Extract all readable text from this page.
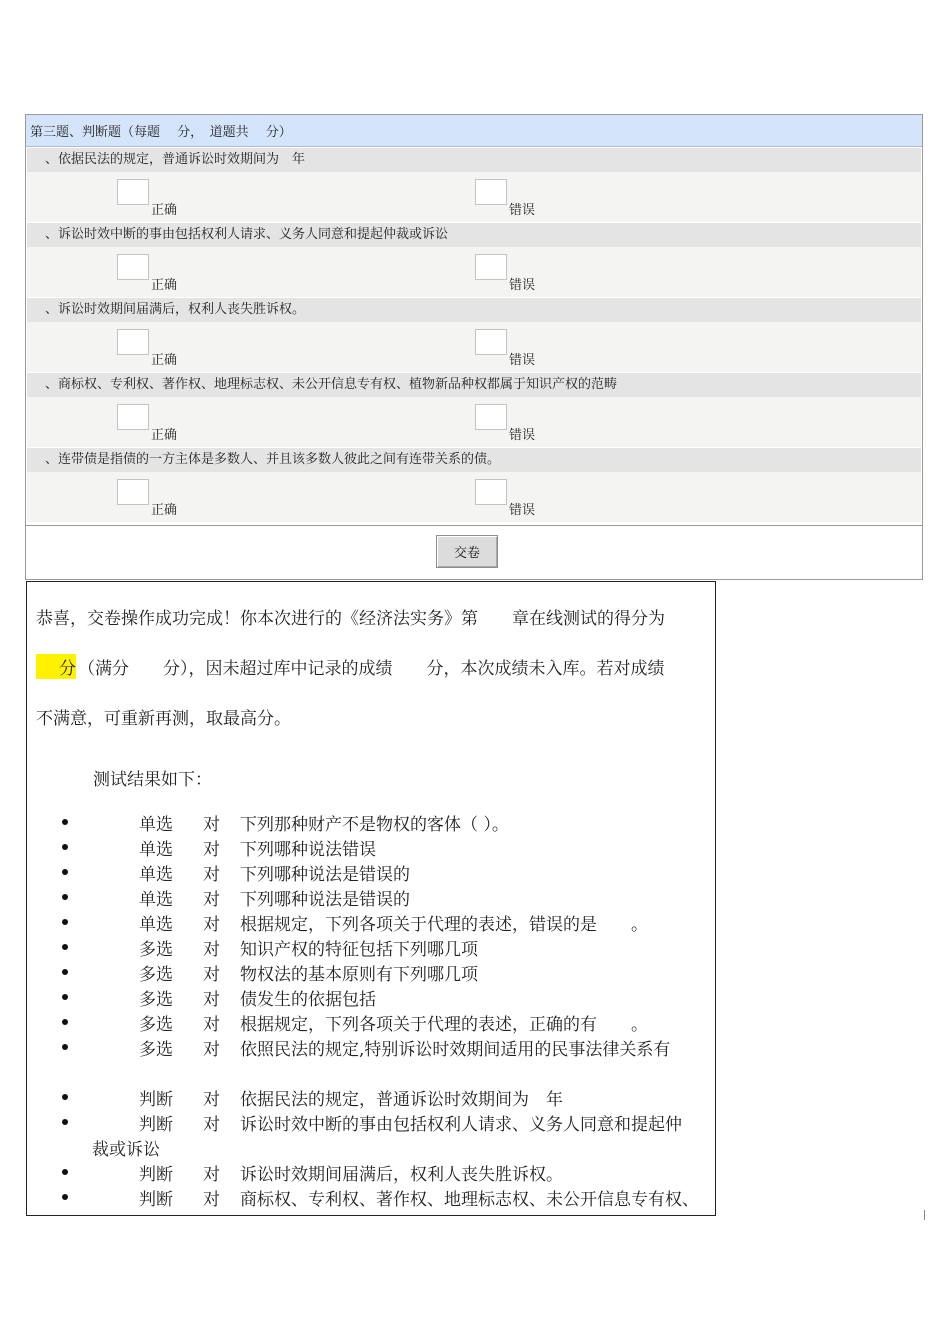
第三题、判断题（每题　 分，　道题共　 分）
、依据民法的规定，普通诉讼时效期间为　年
正确	错误
、诉讼时效中断的事由包括权利人请求、义务人同意和提起仲裁或诉讼
正确	错误
、诉讼时效期间届满后，权利人丧失胜诉权。
正确	错误
、商标权、专利权、著作权、地理标志权、未公开信息专有权、植物新品种权都属于知识产权的范畴
正确	错误
、连带债是指债的一方主体是多数人、并且该多数人彼此之间有连带关系的债。
正确	错误
交卷
恭喜，交卷操作成功完成！你本次进行的《经济法实务》第　　章在线测试的得分为
分 （满分　　分），因未超过库中记录的成绩　　分，本次成绩未入库。若对成绩
不满意，可重新再测，取最高分。
测试结果如下：
单选 对 下列那种财产不是物权的客体（ ）。
单选 对 下列哪种说法错误
单选 对 下列哪种说法是错误的
单选 对 下列哪种说法是错误的
单选 对 根据规定，下列各项关于代理的表述，错误的是　　。
多选 对 知识产权的特征包括下列哪几项
多选 对 物权法的基本原则有下列哪几项
多选 对 债发生的依据包括
多选 对 根据规定，下列各项关于代理的表述，正确的有　　。
多选 对 依照民法的规定,特别诉讼时效期间适用的民事法律关系有
判断 对 依据民法的规定，普通诉讼时效期间为　年
判断 对 诉讼时效中断的事由包括权利人请求、义务人同意和提起仲
裁或诉讼
判断 对 诉讼时效期间届满后，权利人丧失胜诉权。
判断 对 商标权、专利权、著作权、地理标志权、未公开信息专有权、
